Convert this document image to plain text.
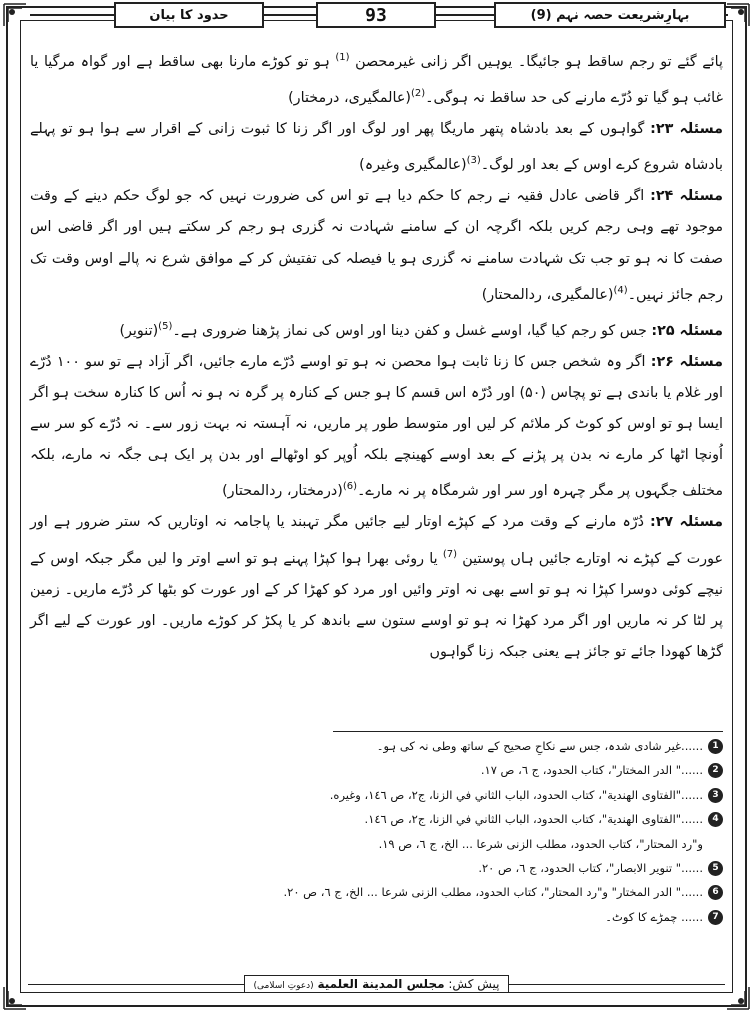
حدود کا بیان	93	بہارِشریعت حصہ نہم (9)

پائے گئے تو رجم ساقط ہو جائیگا۔ یوہیں اگر زانی غیرمحصن $^{(1)}$ ہو تو کوڑے مارنا بھی ساقط ہے اور گواہ مرگیا یا غائب ہو گیا تو دُرّے مارنے کی حد ساقط نہ ہوگی۔$^{(2)}$(عالمگیری، درمختار)

مسئلہ ۲۳: گواہوں کے بعد بادشاہ پتھر ماریگا پھر اور لوگ اور اگر زنا کا ثبوت زانی کے اقرار سے ہوا ہو تو پہلے بادشاہ شروع کرے اوس کے بعد اور لوگ۔$^{(3)}$(عالمگیری وغیرہ)

مسئلہ ۲۴: اگر قاضی عادل فقیہ نے رجم کا حکم دیا ہے تو اس کی ضرورت نہیں کہ جو لوگ حکم دینے کے وقت موجود تھے وہی رجم کریں بلکہ اگرچہ ان کے سامنے شہادت نہ گزری ہو رجم کر سکتے ہیں اور اگر قاضی اس صفت کا نہ ہو تو جب تک شہادت سامنے نہ گزری ہو یا فیصلہ کی تفتیش کر کے موافق شرع نہ پالے اوس وقت تک رجم جائز نہیں۔$^{(4)}$(عالمگیری، ردالمحتار)

مسئلہ ۲۵: جس کو رجم کیا گیا، اوسے غسل و کفن دینا اور اوس کی نماز پڑھنا ضروری ہے۔$^{(5)}$(تنویر)

مسئلہ ۲۶: اگر وہ شخص جس کا زنا ثابت ہوا محصن نہ ہو تو اوسے دُرّے مارے جائیں، اگر آزاد ہے تو سو ۱۰۰ دُرّے اور غلام یا باندی ہے تو پچاس (۵۰) اور دُرّہ اس قسم کا ہو جس کے کنارہ پر گرہ نہ ہو نہ اُس کا کنارہ سخت ہو اگر ایسا ہو تو اوس کو کوٹ کر ملائم کر لیں اور متوسط طور پر ماریں، نہ آہستہ نہ بہت زور سے۔ نہ دُرّے کو سر سے اُونچا اٹھا کر مارے نہ بدن پر پڑنے کے بعد اوسے کھینچے بلکہ اُوپر کو اوٹھالے اور بدن پر ایک ہی جگہ نہ مارے، بلکہ مختلف جگہوں پر مگر چہرہ اور سر اور شرمگاہ پر نہ مارے۔$^{(6)}$(درمختار، ردالمحتار)

مسئلہ ۲۷: دُرّہ مارنے کے وقت مرد کے کپڑے اوتار لیے جائیں مگر تہبند یا پاجامہ نہ اوتاریں کہ ستر ضرور ہے اور عورت کے کپڑے نہ اوتارے جائیں ہاں پوستین $^{(7)}$ یا روئی بھرا ہوا کپڑا پہنے ہو تو اسے اوتر وا لیں مگر جبکہ اوس کے نیچے کوئی دوسرا کپڑا نہ ہو تو اسے بھی نہ اوتر وائیں اور مرد کو کھڑا کر کے اور عورت کو بٹھا کر دُرّے ماریں۔ زمین پر لٹا کر نہ ماریں اور اگر مرد کھڑا نہ ہو تو اوسے ستون سے باندھ کر یا پکڑ کر کوڑے ماریں۔ اور عورت کے لیے اگر گڑھا کھودا جائے تو جائز ہے یعنی جبکہ زنا گواہوں

1
......غیر شادی شدہ، جس سے نکاحِ صحیح کے ساتھ وطی نہ کی ہو۔
2
......" الدر المختار"، کتاب الحدود، ج ٦، ص ١٧.
3
......"الفتاوی الهندية"، کتاب الحدود، الباب الثاني في الزنا، ج٢، ص ١٤٦، وغيره.
4
......"الفتاوی الهندية"، کتاب الحدود، الباب الثاني في الزنا، ج٢، ص ١٤٦.
و"رد المحتار"، کتاب الحدود، مطلب الزنی شرعا ... الخ، ج ٦، ص ١٩.
5
......" تنوير الابصار"، کتاب الحدود، ج ٦، ص ٢٠.
6
......" الدر المختار" و"رد المحتار"، کتاب الحدود، مطلب الزنی شرعا ... الخ، ج ٦، ص ٢٠.
7
...... چمڑے کا کوٹ۔
پیش کش: مجلس المدينة العلمية (دعوتِ اسلامی)
